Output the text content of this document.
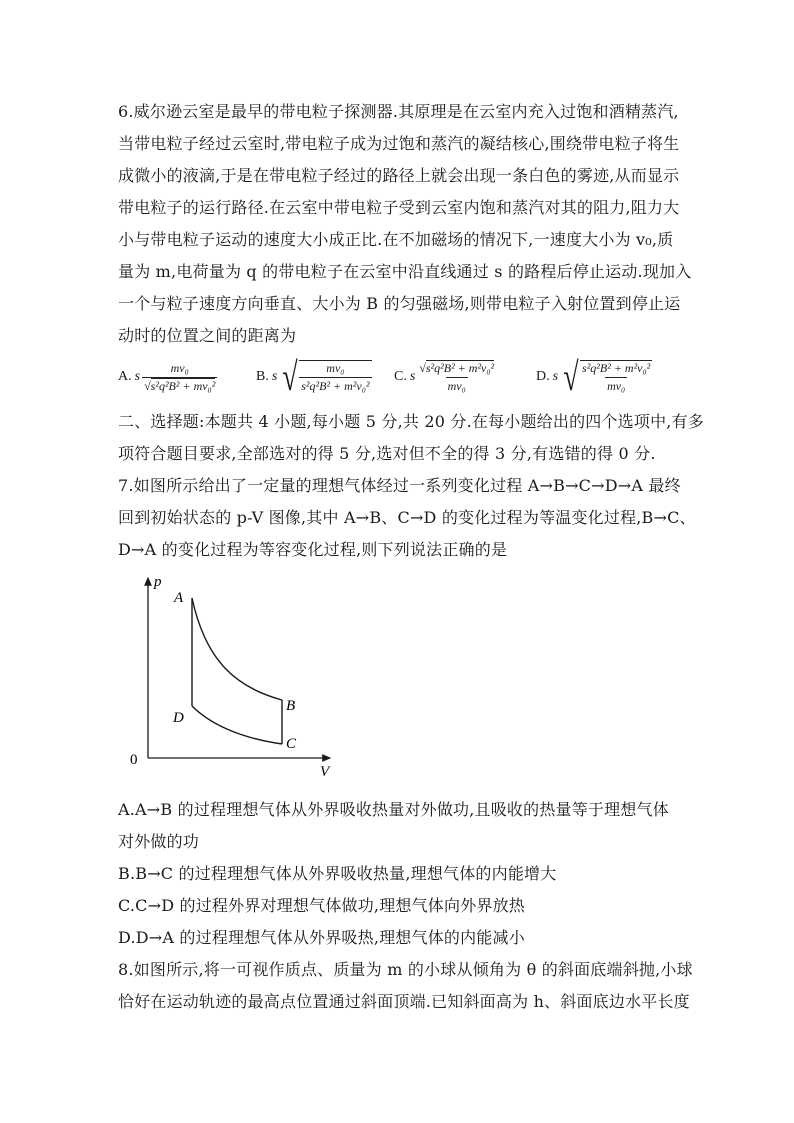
6.威尔逊云室是最早的带电粒子探测器.其原理是在云室内充入过饱和酒精蒸汽,
当带电粒子经过云室时,带电粒子成为过饱和蒸汽的凝结核心,围绕带电粒子将生
成微小的液滴,于是在带电粒子经过的路径上就会出现一条白色的雾迹,从而显示
带电粒子的运行路径.在云室中带电粒子受到云室内饱和蒸汽对其的阻力,阻力大
小与带电粒子运动的速度大小成正比.在不加磁场的情况下,一速度大小为 v₀,质
量为 m,电荷量为 q 的带电粒子在云室中沿直线通过 s 的路程后停止运动.现加入
一个与粒子速度方向垂直、大小为 B 的匀强磁场,则带电粒子入射位置到停止运
动时的位置之间的距离为
A. s $\frac{\text{mv₀}}{\text{√s²q²B² + mv₀²}}$	B. s √ $\frac{\text{mv₀}}{\text{s²q²B² + m²v₀²}} C$. s $\frac{\text{√s²q²B² + m²v₀²}}{\text{mv₀}}$	D. s √ $\frac{\text{s²q²B² + m²v₀²}}{\text{mv₀}}$
二、选择题:本题共 4 小题,每小题 5 分,共 20 分.在每小题给出的四个选项中,有多
项符合题目要求,全部选对的得 5 分,选对但不全的得 3 分,有选错的得 0 分.
7.如图所示给出了一定量的理想气体经过一系列变化过程 A→B→C→D→A 最终
回到初始状态的 p-V 图像,其中 A→B、C→D 的变化过程为等温变化过程,B→C、
D→A 的变化过程为等容变化过程,则下列说法正确的是
p
V
0
A
B
C
D
A.A→B 的过程理想气体从外界吸收热量对外做功,且吸收的热量等于理想气体
对外做的功
B.B→C 的过程理想气体从外界吸收热量,理想气体的内能增大
C.C→D 的过程外界对理想气体做功,理想气体向外界放热
D.D→A 的过程理想气体从外界吸热,理想气体的内能减小
8.如图所示,将一可视作质点、质量为 m 的小球从倾角为 θ 的斜面底端斜抛,小球
恰好在运动轨迹的最高点位置通过斜面顶端.已知斜面高为 h、斜面底边水平长度
